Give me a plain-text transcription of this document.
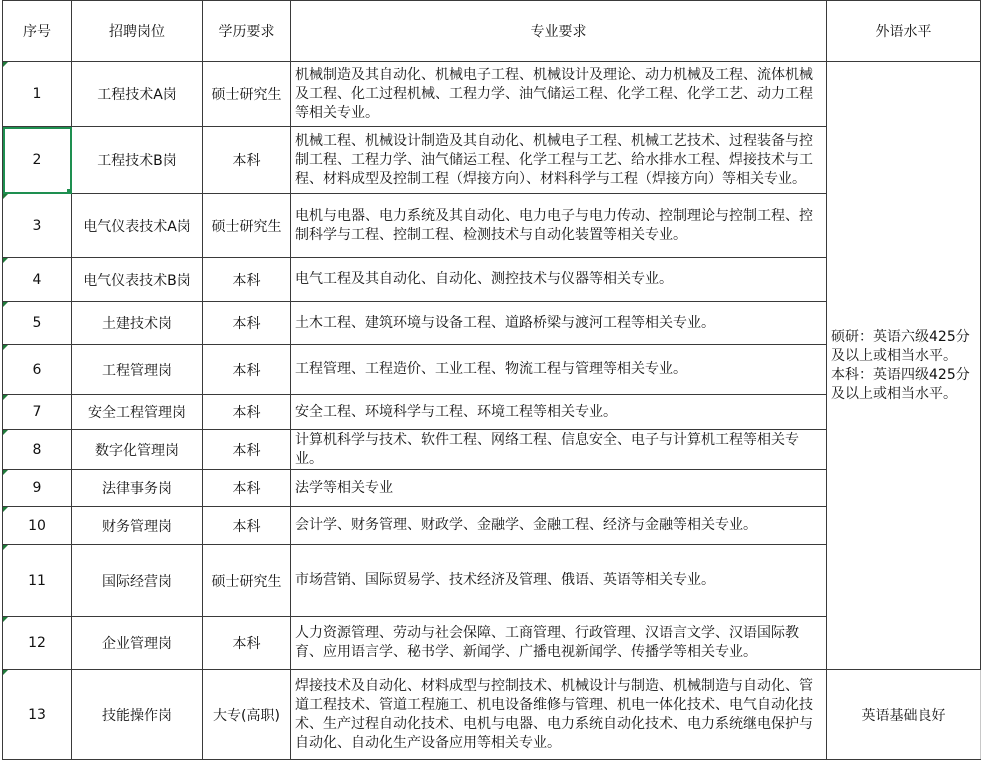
序号	招聘岗位	学历要求	专业要求	外语水平
1	工程技术A岗	硕士研究生	机械制造及其自动化、机械电子工程、机械设计及理论、动力机械及工程、流体机械及工程、化工过程机械、工程力学、油气储运工程、化学工程、化学工艺、动力工程等相关专业。	硕研：英语六级425分
及以上或相当水平。
本科：英语四级425分
及以上或相当水平。

2	工程技术B岗	本科	机械工程、机械设计制造及其自动化、机械电子工程、机械工艺技术、过程装备与控制工程、工程力学、油气储运工程、化学工程与工艺、给水排水工程、焊接技术与工程、材料成型及控制工程（焊接方向）、材料科学与工程（焊接方向）等相关专业。	
3	电气仪表技术A岗	硕士研究生	电机与电器、电力系统及其自动化、电力电子与电力传动、控制理论与控制工程、控制科学与工程、控制工程、检测技术与自动化装置等相关专业。	
4	电气仪表技术B岗	本科	电气工程及其自动化、自动化、测控技术与仪器等相关专业。	
5	土建技术岗	本科	土木工程、建筑环境与设备工程、道路桥梁与渡河工程等相关专业。	
6	工程管理岗	本科	工程管理、工程造价、工业工程、物流工程与管理等相关专业。	
7	安全工程管理岗	本科	安全工程、环境科学与工程、环境工程等相关专业。	
8	数字化管理岗	本科	计算机科学与技术、软件工程、网络工程、信息安全、电子与计算机工程等相关专业。	
9	法律事务岗	本科	法学等相关专业	
10	财务管理岗	本科	会计学、财务管理、财政学、金融学、金融工程、经济与金融等相关专业。	
11	国际经营岗	硕士研究生	市场营销、国际贸易学、技术经济及管理、俄语、英语等相关专业。	
12	企业管理岗	本科	人力资源管理、劳动与社会保障、工商管理、行政管理、汉语言文学、汉语国际教育、应用语言学、秘书学、新闻学、广播电视新闻学、传播学等相关专业。	
13	技能操作岗	大专(高职)	焊接技术及自动化、材料成型与控制技术、机械设计与制造、机械制造与自动化、管道工程技术、管道工程施工、机电设备维修与管理、机电一体化技术、电气自动化技术、生产过程自动化技术、电机与电器、电力系统自动化技术、电力系统继电保护与自动化、自动化生产设备应用等相关专业。	英语基础良好
